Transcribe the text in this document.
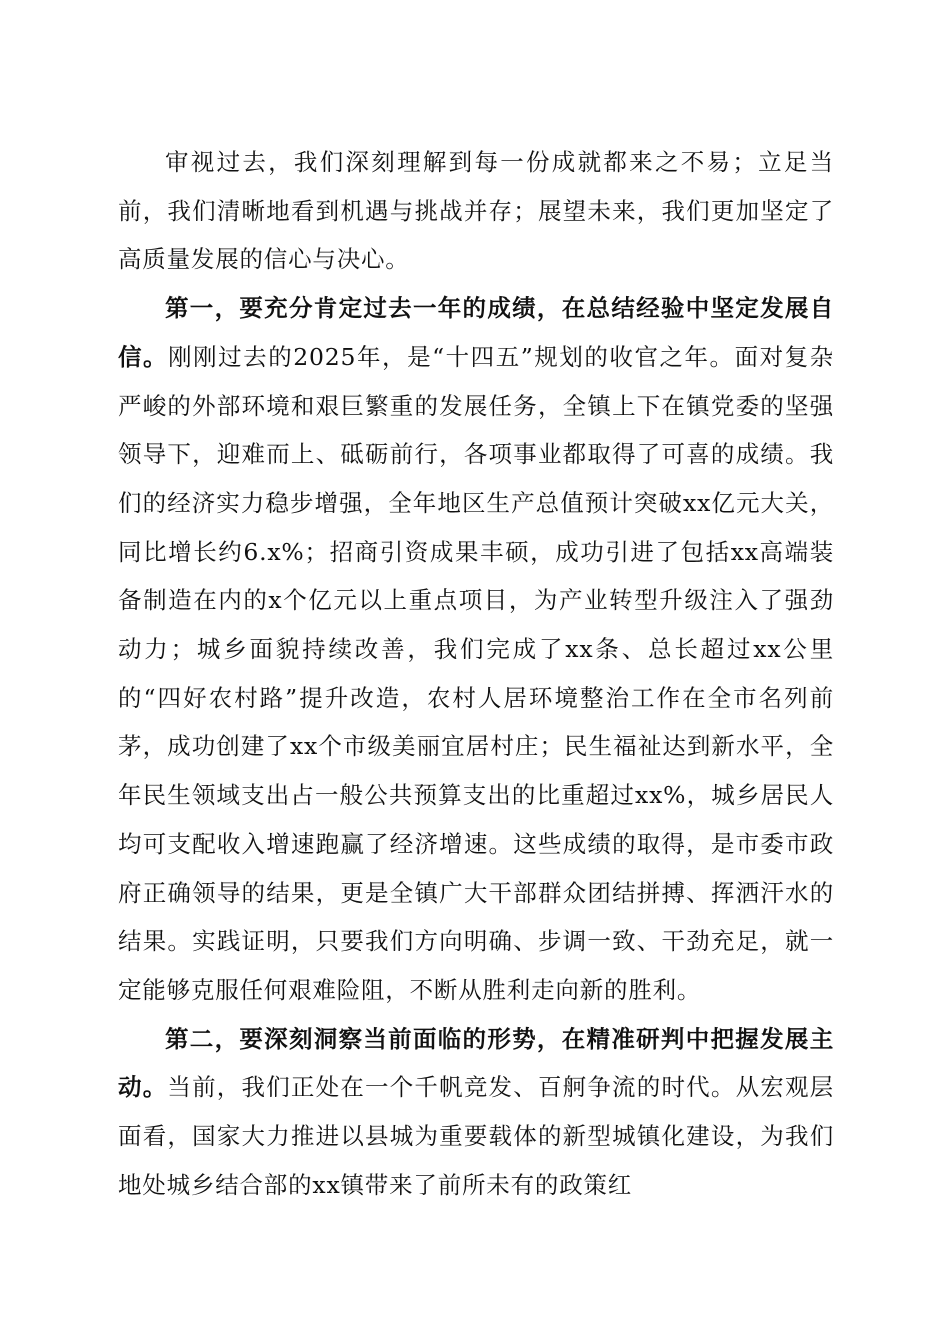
审视过去，我们深刻理解到每一份成就都来之不易；立足当前，我们清晰地看到机遇与挑战并存；展望未来，我们更加坚定了高质量发展的信心与决心。

第一，要充分肯定过去一年的成绩，在总结经验中坚定发展自信。刚刚过去的2025年，是“十四五”规划的收官之年。面对复杂严峻的外部环境和艰巨繁重的发展任务，全镇上下在镇党委的坚强领导下，迎难而上、砥砺前行，各项事业都取得了可喜的成绩。我们的经济实力稳步增强，全年地区生产总值预计突破xx亿元大关，同比增长约6.x%；招商引资成果丰硕，成功引进了包括xx高端装备制造在内的x个亿元以上重点项目，为产业转型升级注入了强劲动力；城乡面貌持续改善，我们完成了xx条、总长超过xx公里的“四好农村路”提升改造，农村人居环境整治工作在全市名列前茅，成功创建了xx个市级美丽宜居村庄；民生福祉达到新水平，全年民生领域支出占一般公共预算支出的比重超过xx%，城乡居民人均可支配收入增速跑赢了经济增速。这些成绩的取得，是市委市政府正确领导的结果，更是全镇广大干部群众团结拼搏、挥洒汗水的结果。实践证明，只要我们方向明确、步调一致、干劲充足，就一定能够克服任何艰难险阻，不断从胜利走向新的胜利。

第二，要深刻洞察当前面临的形势，在精准研判中把握发展主动。当前，我们正处在一个千帆竞发、百舸争流的时代。从宏观层面看，国家大力推进以县城为重要载体的新型城镇化建设，为我们地处城乡结合部的xx镇带来了前所未有的政策红
